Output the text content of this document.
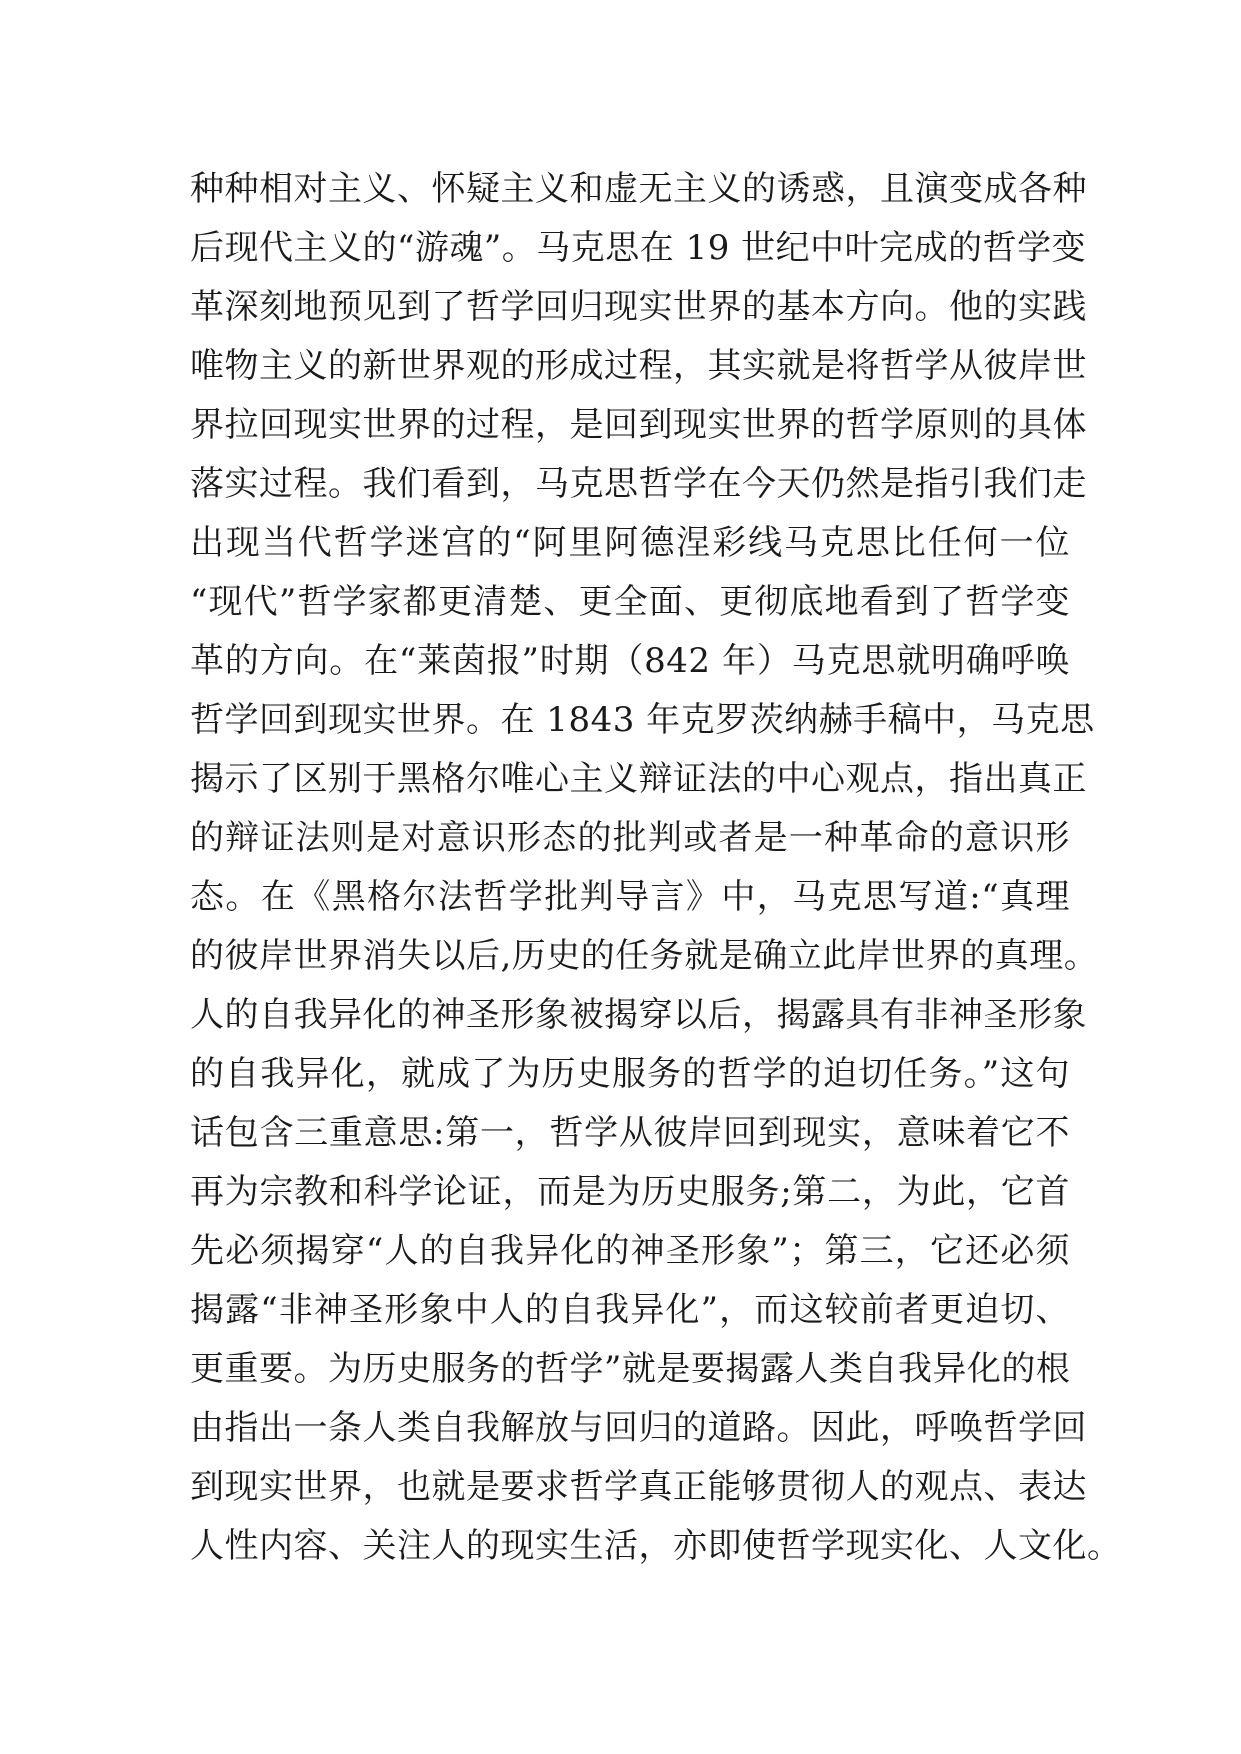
种种相对主义、怀疑主义和虚无主义的诱惑，且演变成各种
后现代主义的“游魂”。马克思在 19 世纪中叶完成的哲学变
革深刻地预见到了哲学回归现实世界的基本方向。他的实践
唯物主义的新世界观的形成过程，其实就是将哲学从彼岸世
界拉回现实世界的过程，是回到现实世界的哲学原则的具体
落实过程。我们看到，马克思哲学在今天仍然是指引我们走
出现当代哲学迷宫的“阿里阿德涅彩线马克思比任何一位
“现代”哲学家都更清楚、更全面、更彻底地看到了哲学变
革的方向。在“莱茵报”时期（842 年）马克思就明确呼唤
哲学回到现实世界。在 1843 年克罗茨纳赫手稿中，马克思
揭示了区别于黑格尔唯心主义辩证法的中心观点，指出真正
的辩证法则是对意识形态的批判或者是一种革命的意识形
态。在《黑格尔法哲学批判导言》中，马克思写道:“真理
的彼岸世界消失以后,历史的任务就是确立此岸世界的真理。
人的自我异化的神圣形象被揭穿以后，揭露具有非神圣形象
的自我异化，就成了为历史服务的哲学的迫切任务。”这句
话包含三重意思:第一，哲学从彼岸回到现实，意味着它不
再为宗教和科学论证，而是为历史服务;第二，为此，它首
先必须揭穿“人的自我异化的神圣形象”；第三，它还必须
揭露“非神圣形象中人的自我异化”，而这较前者更迫切、
更重要。为历史服务的哲学”就是要揭露人类自我异化的根
由指出一条人类自我解放与回归的道路。因此，呼唤哲学回
到现实世界，也就是要求哲学真正能够贯彻人的观点、表达
人性内容、关注人的现实生活，亦即使哲学现实化、人文化。
